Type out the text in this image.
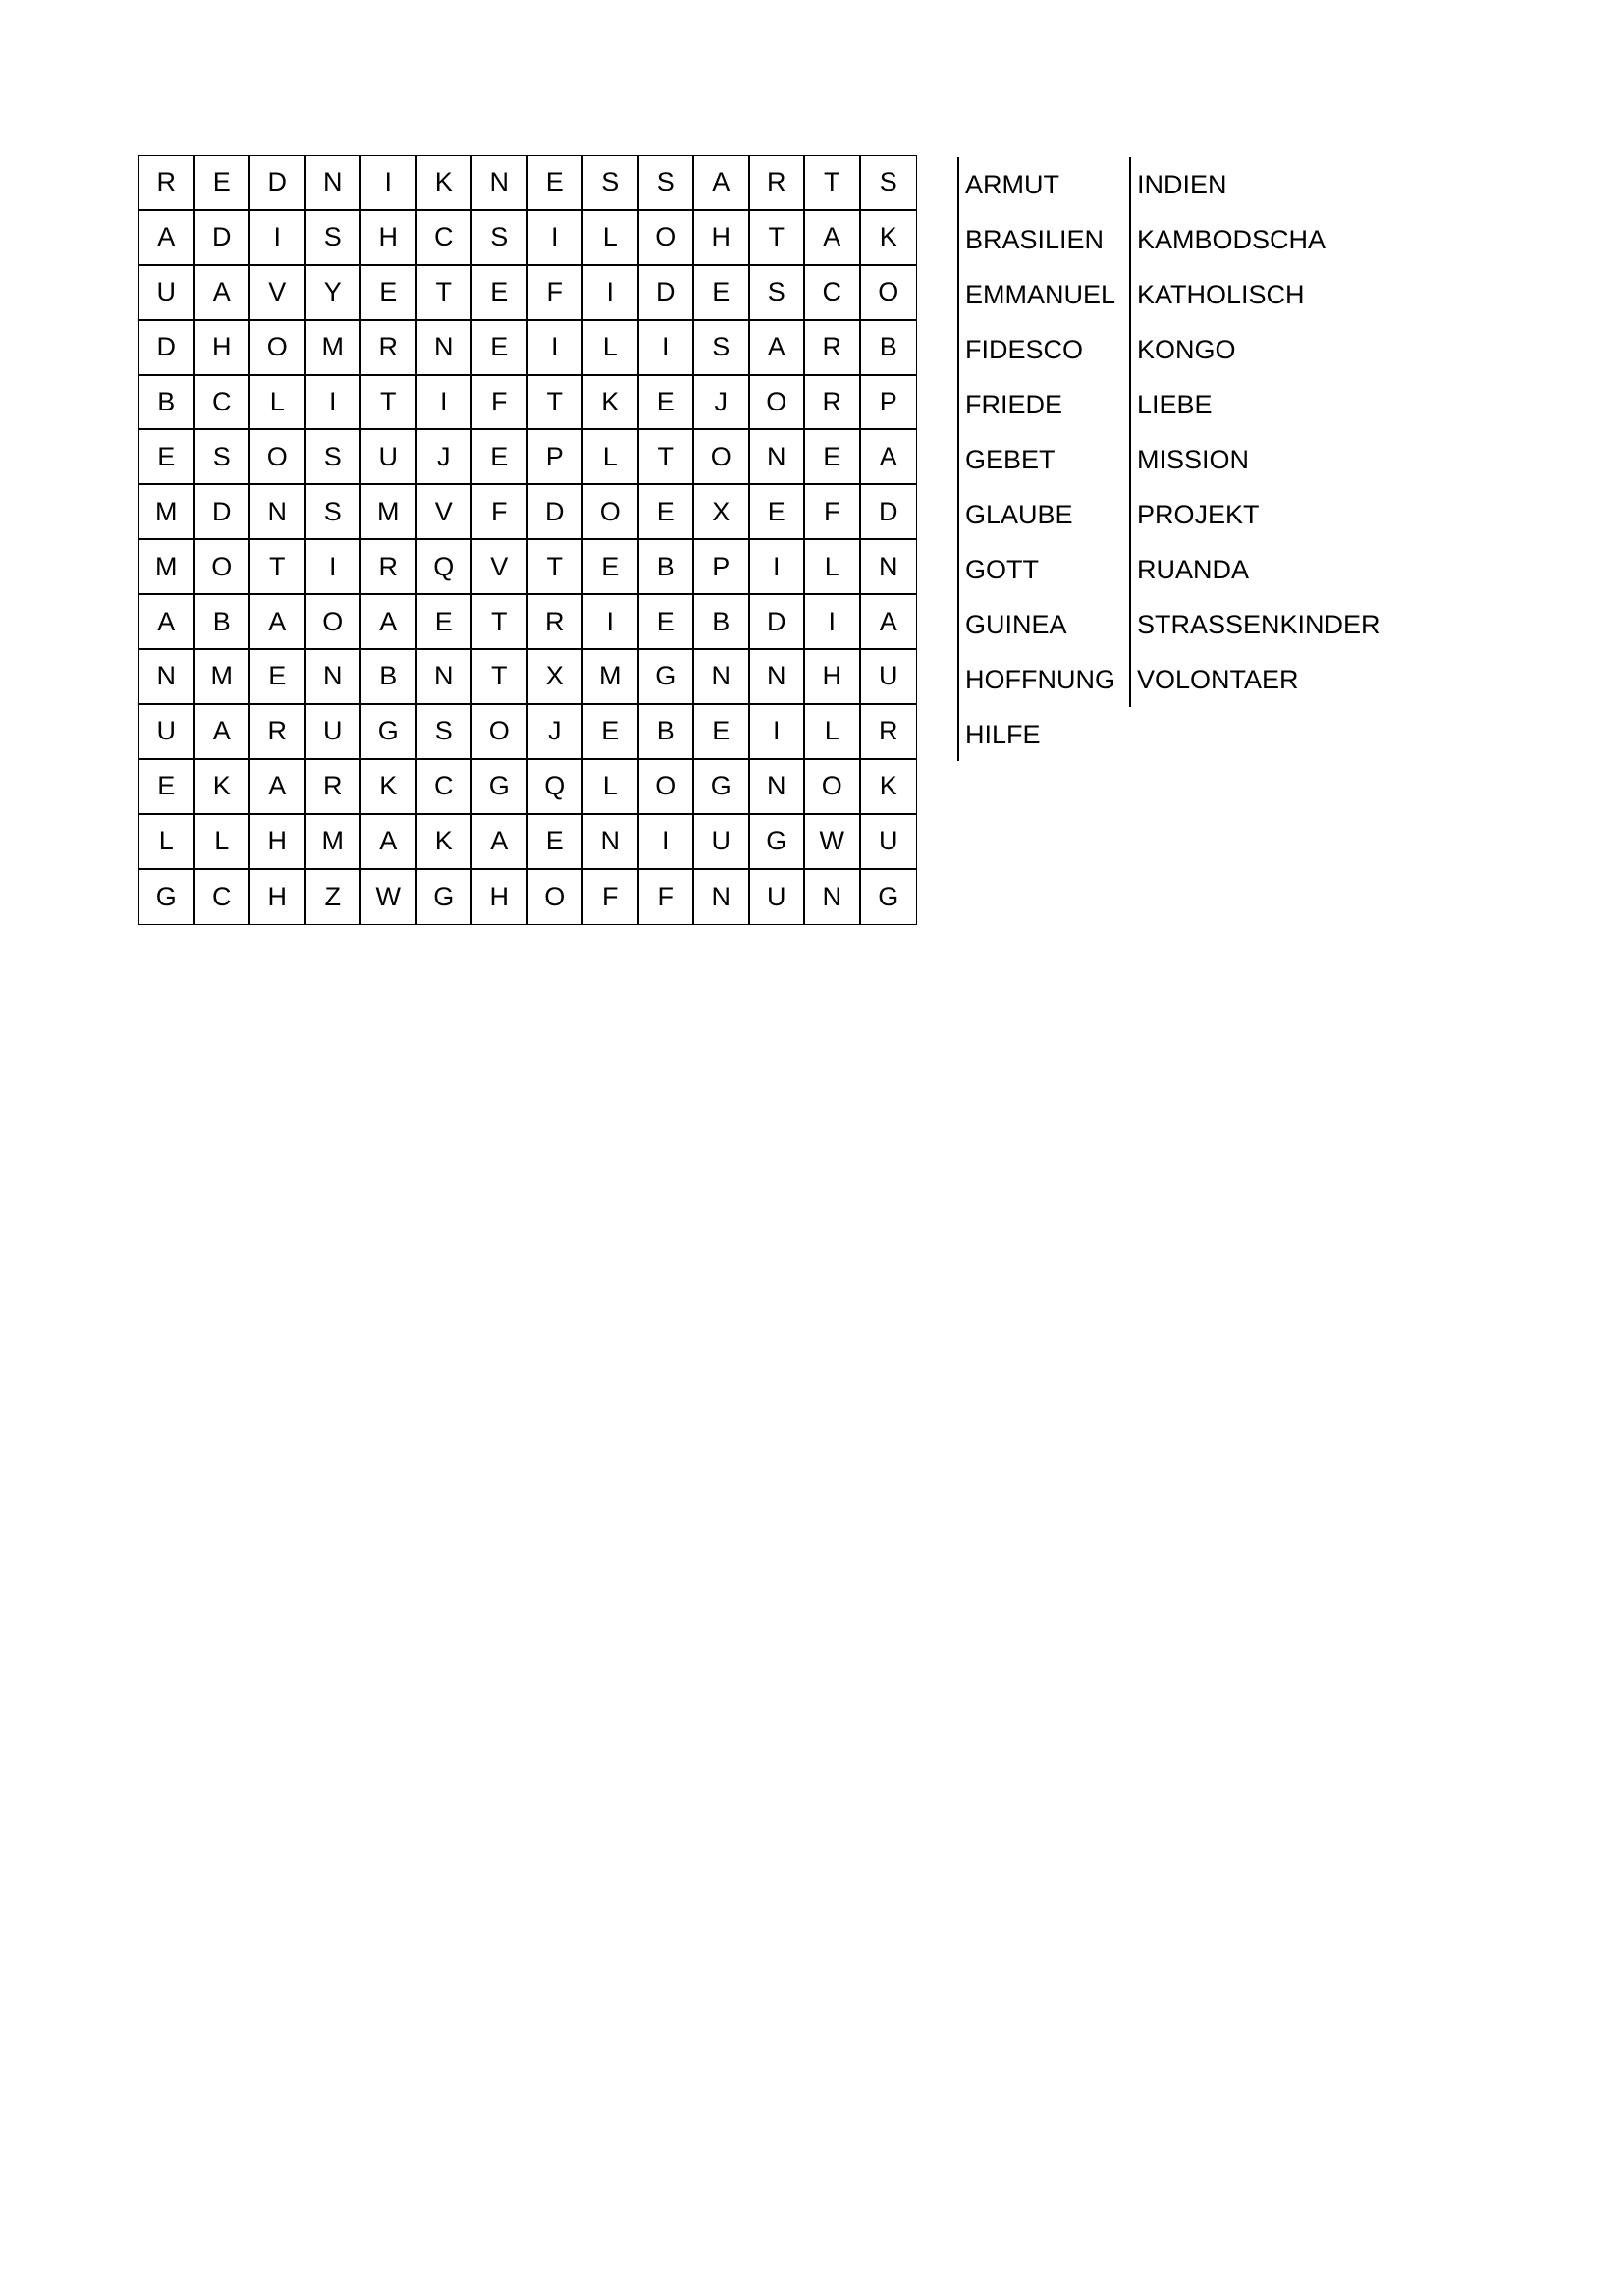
R	E	D	N	I	K	N	E	S	S	A	R	T	S
A	D	I	S	H	C	S	I	L	O	H	T	A	K
U	A	V	Y	E	T	E	F	I	D	E	S	C	O
D	H	O	M	R	N	E	I	L	I	S	A	R	B
B	C	L	I	T	I	F	T	K	E	J	O	R	P
E	S	O	S	U	J	E	P	L	T	O	N	E	A
M	D	N	S	M	V	F	D	O	E	X	E	F	D
M	O	T	I	R	Q	V	T	E	B	P	I	L	N
A	B	A	O	A	E	T	R	I	E	B	D	I	A
N	M	E	N	B	N	T	X	M	G	N	N	H	U
U	A	R	U	G	S	O	J	E	B	E	I	L	R
E	K	A	R	K	C	G	Q	L	O	G	N	O	K
L	L	H	M	A	K	A	E	N	I	U	G	W	U
G	C	H	Z	W	G	H	O	F	F	N	U	N	G
ARMUT
BRASILIEN
EMMANUEL
FIDESCO
FRIEDE
GEBET
GLAUBE
GOTT
GUINEA
HOFFNUNG
HILFE
INDIEN
KAMBODSCHA
KATHOLISCH
KONGO
LIEBE
MISSION
PROJEKT
RUANDA
STRASSENKINDER
VOLONTAER
